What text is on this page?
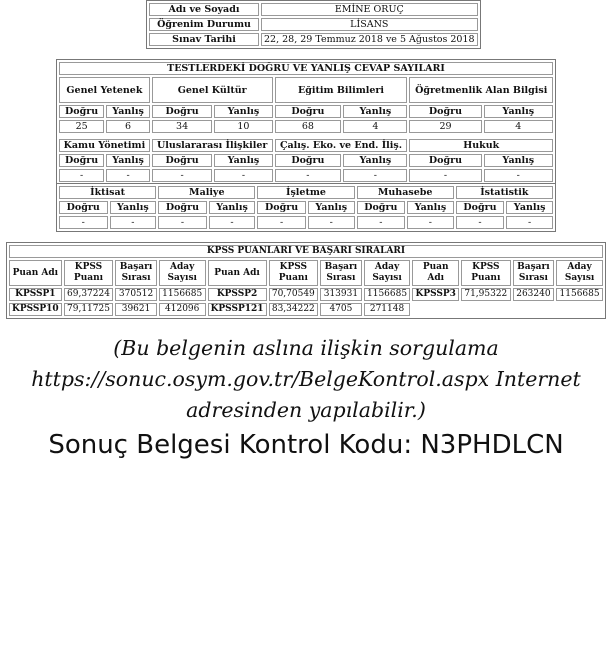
Adı ve Soyadı	EMİNE ORUÇ
Öğrenim Durumu	LİSANS
Sınav Tarihi	22, 28, 29 Temmuz 2018 ve 5 Ağustos 2018
TESTLERDEKİ DOĞRU VE YANLIŞ CEVAP SAYILARI							
Genel Yetenek		Genel Kültür		Eğitim Bilimleri		Öğretmenlik Alan Bilgisi	
Doğru	Yanlış	Doğru	Yanlış	Doğru	Yanlış	Doğru	Yanlış
25	6	34	10	68	4	29	4

Kamu Yönetimi		Uluslararası İlişkiler		Çalış. Eko. ve End. İliş.		Hukuk	
Doğru	Yanlış	Doğru	Yanlış	Doğru	Yanlış	Doğru	Yanlış
-	-	-	-	-	-	-	-
İktisat		Maliye		İşletme		Muhasebe		İstatistik	
Doğru	Yanlış	Doğru	Yanlış	Doğru	Yanlış	Doğru	Yanlış	Doğru	Yanlış
-	-	-	-	-	-	-	-	-	-
KPSS PUANLARI VE BAŞARI SIRALARI											
Puan Adı	KPSS Puanı	Başarı Sırası	Aday Sayısı	Puan Adı	KPSS Puanı	Başarı Sırası	Aday Sayısı	Puan Adı	KPSS Puanı	Başarı Sırası	Aday Sayısı
KPSSP1	69,37224	370512	1156685	KPSSP2	70,70549	313931	1156685	KPSSP3	71,95322	263240	1156685
KPSSP10	79,11725	39621	412096	KPSSP121	83,34222	4705	271148				
(Bu belgenin aslına ilişkin sorgulama
https://sonuc.osym.gov.tr/BelgeKontrol.aspx Internet
adresinden yapılabilir.)
Sonuç Belgesi Kontrol Kodu: N3PHDLCN
